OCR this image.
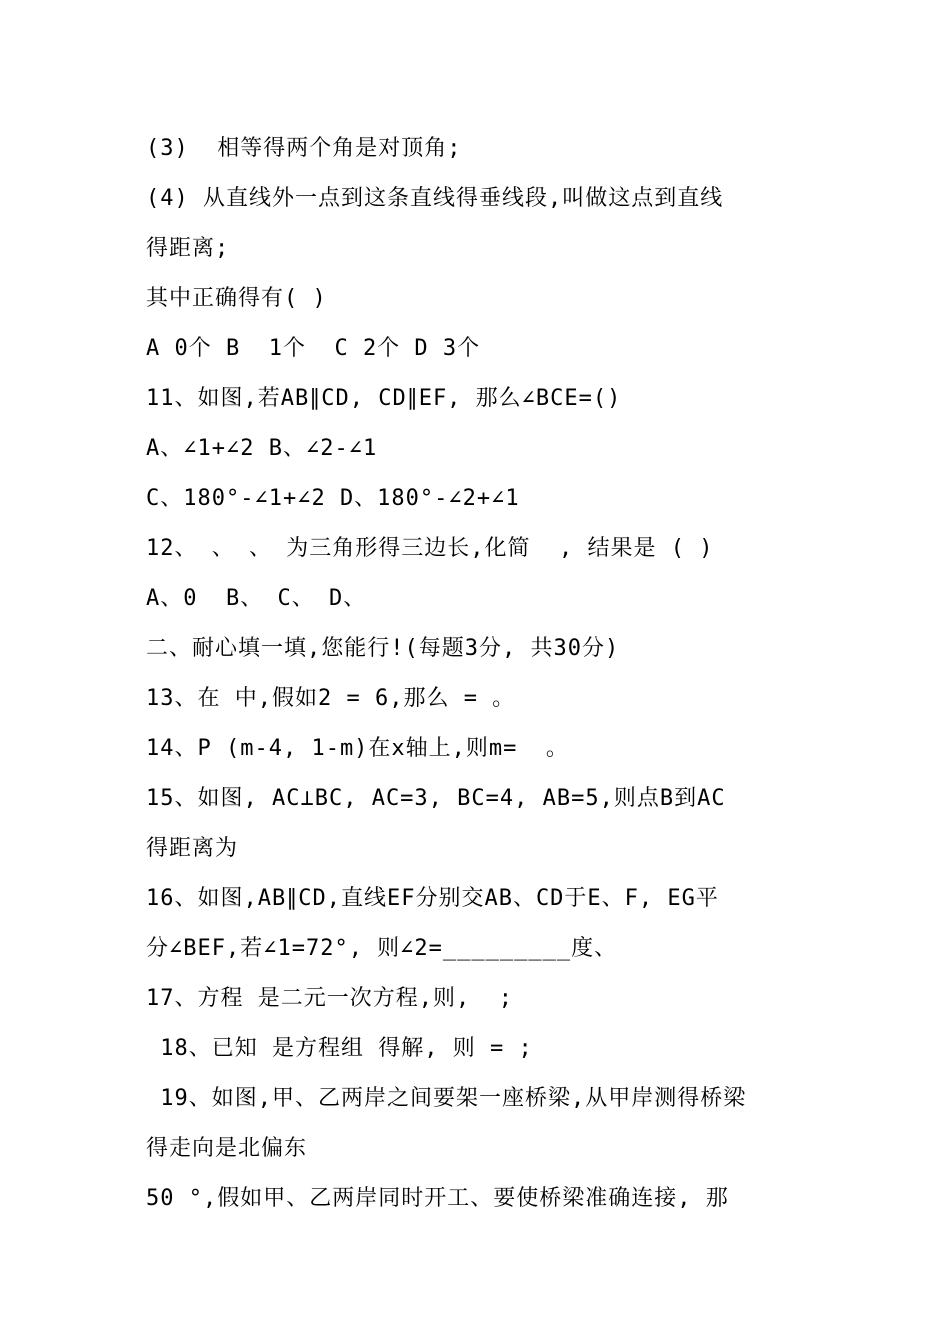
(3)  相等得两个角是对顶角;
(4) 从直线外一点到这条直线得垂线段,叫做这点到直线
得距离;
其中正确得有( )
A 0个 B  1个  C 2个 D 3个
11、如图,若AB∥CD, CD∥EF, 那么∠BCE=()
A、∠1+∠2 B、∠2-∠1
C、180°-∠1+∠2 D、180°-∠2+∠1
12、 、 、 为三角形得三边长,化简  , 结果是 ( )
A、0  B、 C、 D、
二、耐心填一填,您能行!(每题3分, 共30分)
13、在 中,假如2 = 6,那么 = 。
14、P (m-4, 1-m)在x轴上,则m=  。
15、如图, AC⊥BC, AC=3, BC=4, AB=5,则点B到AC
得距离为
16、如图,AB∥CD,直线EF分别交AB、CD于E、F, EG平
分∠BEF,若∠1=72°, 则∠2=_________度、
17、方程 是二元一次方程,则,  ;
18、已知 是方程组 得解, 则 = ;
19、如图,甲、乙两岸之间要架一座桥梁,从甲岸测得桥梁
得走向是北偏东
50 °,假如甲、乙两岸同时开工、要使桥梁准确连接, 那
